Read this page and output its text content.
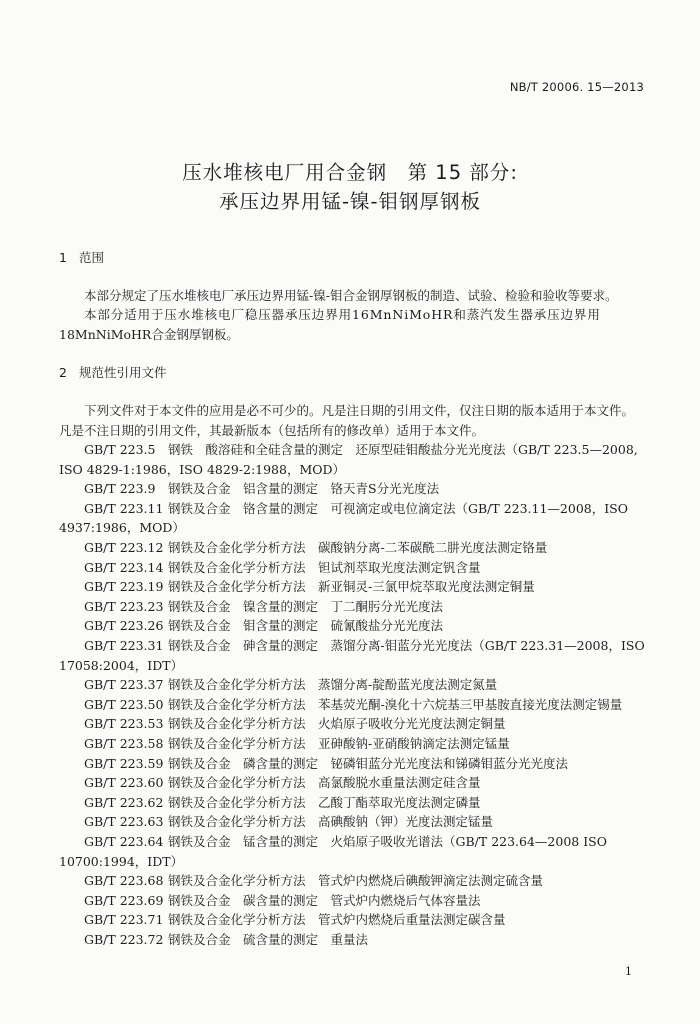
NB/T 20006. 15—2013
压水堆核电厂用合金钢　第 15 部分:
承压边界用锰-镍-钼钢厚钢板
1 范围
本部分规定了压水堆核电厂承压边界用锰-镍-钼合金钢厚钢板的制造、试验、检验和验收等要求。
本部分适用于压水堆核电厂稳压器承压边界用16MnNiMoHR和蒸汽发生器承压边界用
18MnNiMoHR合金钢厚钢板。
2 规范性引用文件
下列文件对于本文件的应用是必不可少的。凡是注日期的引用文件，仅注日期的版本适用于本文件。
凡是不注日期的引用文件，其最新版本（包括所有的修改单）适用于本文件。
GB/T 223.5 钢铁　酸溶硅和全硅含量的测定　还原型硅钼酸盐分光光度法（GB/T 223.5—2008,
ISO 4829-1:1986，ISO 4829-2:1988，MOD）
GB/T 223.9 钢铁及合金　铝含量的测定　铬天青S分光光度法
GB/T 223.11 钢铁及合金　铬含量的测定　可视滴定或电位滴定法（GB/T 223.11—2008，ISO
4937:1986，MOD）
GB/T 223.12 钢铁及合金化学分析方法　碳酸钠分离-二苯碳酰二肼光度法测定铬量
GB/T 223.14 钢铁及合金化学分析方法　钽试剂萃取光度法测定钒含量
GB/T 223.19 钢铁及合金化学分析方法　新亚铜灵-三氯甲烷萃取光度法测定铜量
GB/T 223.23 钢铁及合金　镍含量的测定　丁二酮肟分光光度法
GB/T 223.26 钢铁及合金　钼含量的测定　硫氰酸盐分光光度法
GB/T 223.31 钢铁及合金　砷含量的测定　蒸馏分离-钼蓝分光光度法（GB/T 223.31—2008，ISO
17058:2004，IDT）
GB/T 223.37 钢铁及合金化学分析方法　蒸馏分离-靛酚蓝光度法测定氮量
GB/T 223.50 钢铁及合金化学分析方法　苯基荧光酮-溴化十六烷基三甲基胺直接光度法测定锡量
GB/T 223.53 钢铁及合金化学分析方法　火焰原子吸收分光光度法测定铜量
GB/T 223.58 钢铁及合金化学分析方法　亚砷酸钠-亚硝酸钠滴定法测定锰量
GB/T 223.59 钢铁及合金　磷含量的测定　铋磷钼蓝分光光度法和锑磷钼蓝分光光度法
GB/T 223.60 钢铁及合金化学分析方法　高氯酸脱水重量法测定硅含量
GB/T 223.62 钢铁及合金化学分析方法　乙酸丁酯萃取光度法测定磷量
GB/T 223.63 钢铁及合金化学分析方法　高碘酸钠（钾）光度法测定锰量
GB/T 223.64 钢铁及合金　锰含量的测定　火焰原子吸收光谱法（GB/T 223.64—2008 ISO
10700:1994，IDT）
GB/T 223.68 钢铁及合金化学分析方法　管式炉内燃烧后碘酸钾滴定法测定硫含量
GB/T 223.69 钢铁及合金　碳含量的测定　管式炉内燃烧后气体容量法
GB/T 223.71 钢铁及合金化学分析方法　管式炉内燃烧后重量法测定碳含量
GB/T 223.72 钢铁及合金　硫含量的测定　重量法
1
